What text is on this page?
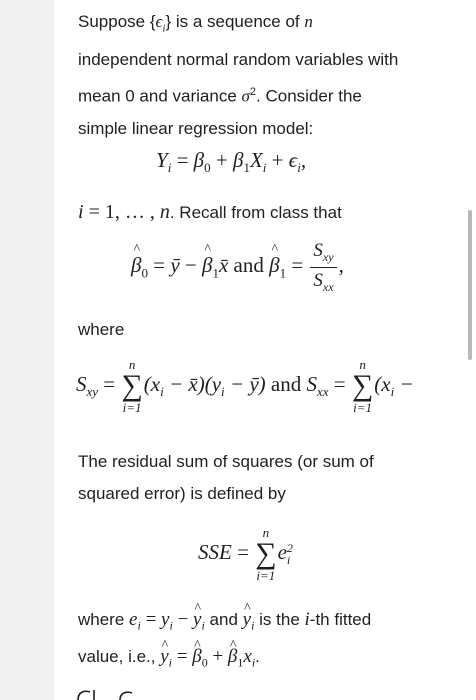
Suppose $\{\epsilon_i\}$ is a sequence of n
independent normal random variables with
mean 0 and variance $\sigma^2$. Consider the
simple linear regression model:
$Y_i = \beta_0 + \beta_1X_i + \epsilon_i$,
i = 1, … , n. Recall from class that
^ $\beta_0$ = ȳ − ^ $\beta_1x̄$ and ^ $\beta_1 = \frac{S_{xy}}{S_{xx}}$ ,
where
$S_{xy}$ =
n
∑
i=1
($x_i$ − $x̄)(y_i$ − ȳ) and $S_{xx}$ =
n
∑
i=1
($x_i$ −
The residual sum of squares (or sum of
squared error) is defined by
SSE =
n
∑
i=1
e 2
i
where $e_i = y_i$ − ^ $y_i$ and ^ $y_i$ is the i-th fitted
value, i.e., ^ $y_i$ = ^ $\beta_0$ + ^ $\beta_1x_i$.
